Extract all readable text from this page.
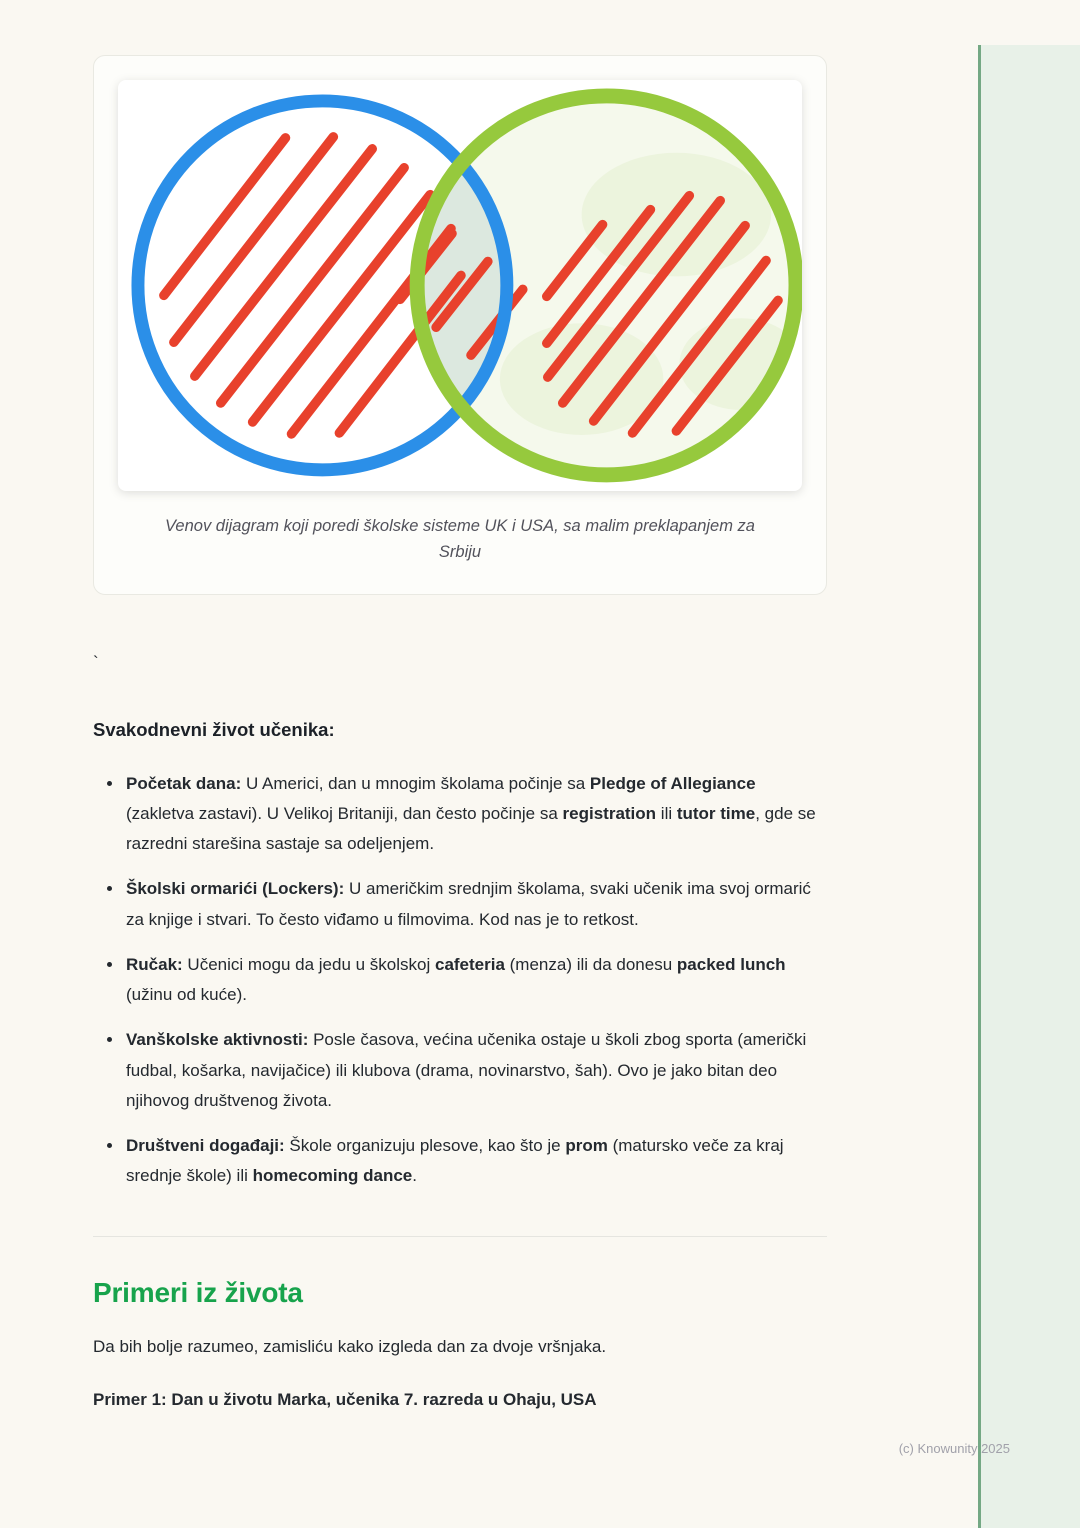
Venov dijagram koji poredi školske sisteme UK i USA, sa malim preklapanjem za Srbiju
`
Svakodnevni život učenika:
• Početak dana: U Americi, dan u mnogim školama počinje sa Pledge of Allegiance (zakletva zastavi). U Velikoj Britaniji, dan često počinje sa registration ili tutor time, gde se razredni starešina sastaje sa odeljenjem.
• Školski ormarići (Lockers): U američkim srednjim školama, svaki učenik ima svoj ormarić za knjige i stvari. To često viđamo u filmovima. Kod nas je to retkost.
• Ručak: Učenici mogu da jedu u školskoj cafeteria (menza) ili da donesu packed lunch (užinu od kuće).
• Vanškolske aktivnosti: Posle časova, većina učenika ostaje u školi zbog sporta (američki fudbal, košarka, navijačice) ili klubova (drama, novinarstvo, šah). Ovo je jako bitan deo njihovog društvenog života.
• Društveni događaji: Škole organizuju plesove, kao što je prom (matursko veče za kraj srednje škole) ili homecoming dance.
Primeri iz života

Da bih bolje razumeo, zamisliću kako izgleda dan za dvoje vršnjaka.

Primer 1: Dan u životu Marka, učenika 7. razreda u Ohaju, USA

(c) Knowunity 2025
